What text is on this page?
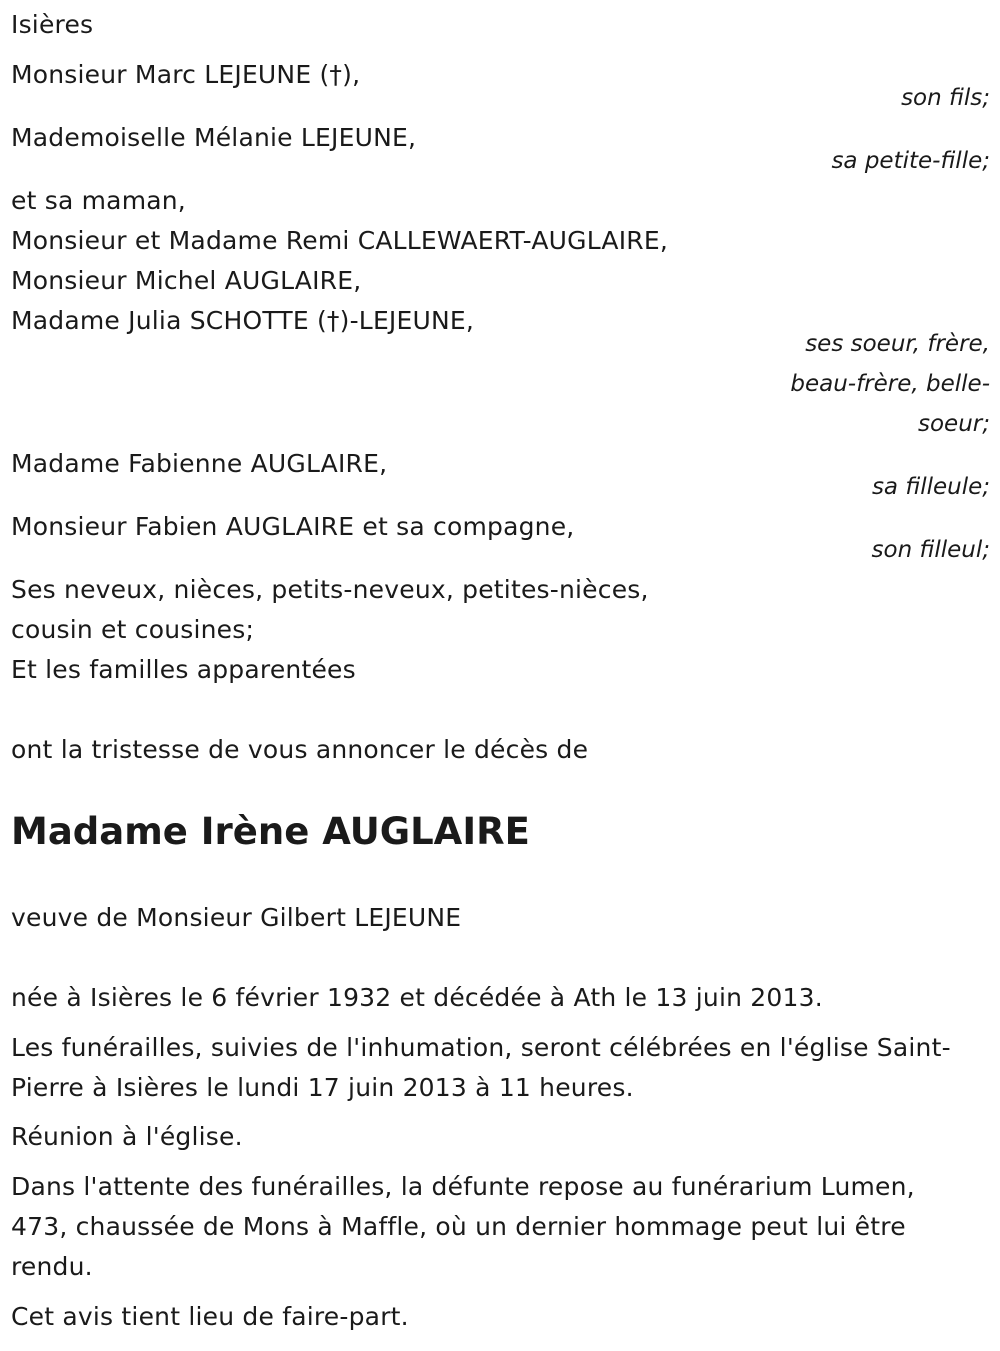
Isières
Monsieur Marc LEJEUNE (†),
son fils;
Mademoiselle Mélanie LEJEUNE,
sa petite-fille;
et sa maman,
Monsieur et Madame Remi CALLEWAERT-AUGLAIRE,
Monsieur Michel AUGLAIRE,
Madame Julia SCHOTTE (†)-LEJEUNE,
ses soeur, frère,
beau-frère, belle-
soeur;
Madame Fabienne AUGLAIRE,
sa filleule;
Monsieur Fabien AUGLAIRE et sa compagne,
son filleul;
Ses neveux, nièces, petits-neveux, petites-nièces,
cousin et cousines;
Et les familles apparentées
ont la tristesse de vous annoncer le décès de
Madame Irène AUGLAIRE
veuve de Monsieur Gilbert LEJEUNE
née à Isières le 6 février 1932 et décédée à Ath le 13 juin 2013.
Les funérailles, suivies de l'inhumation, seront célébrées en l'église Saint-
Pierre à Isières le lundi 17 juin 2013 à 11 heures.
Réunion à l'église.
Dans l'attente des funérailles, la défunte repose au funérarium Lumen,
473, chaussée de Mons à Maffle, où un dernier hommage peut lui être
rendu.
Cet avis tient lieu de faire-part.
